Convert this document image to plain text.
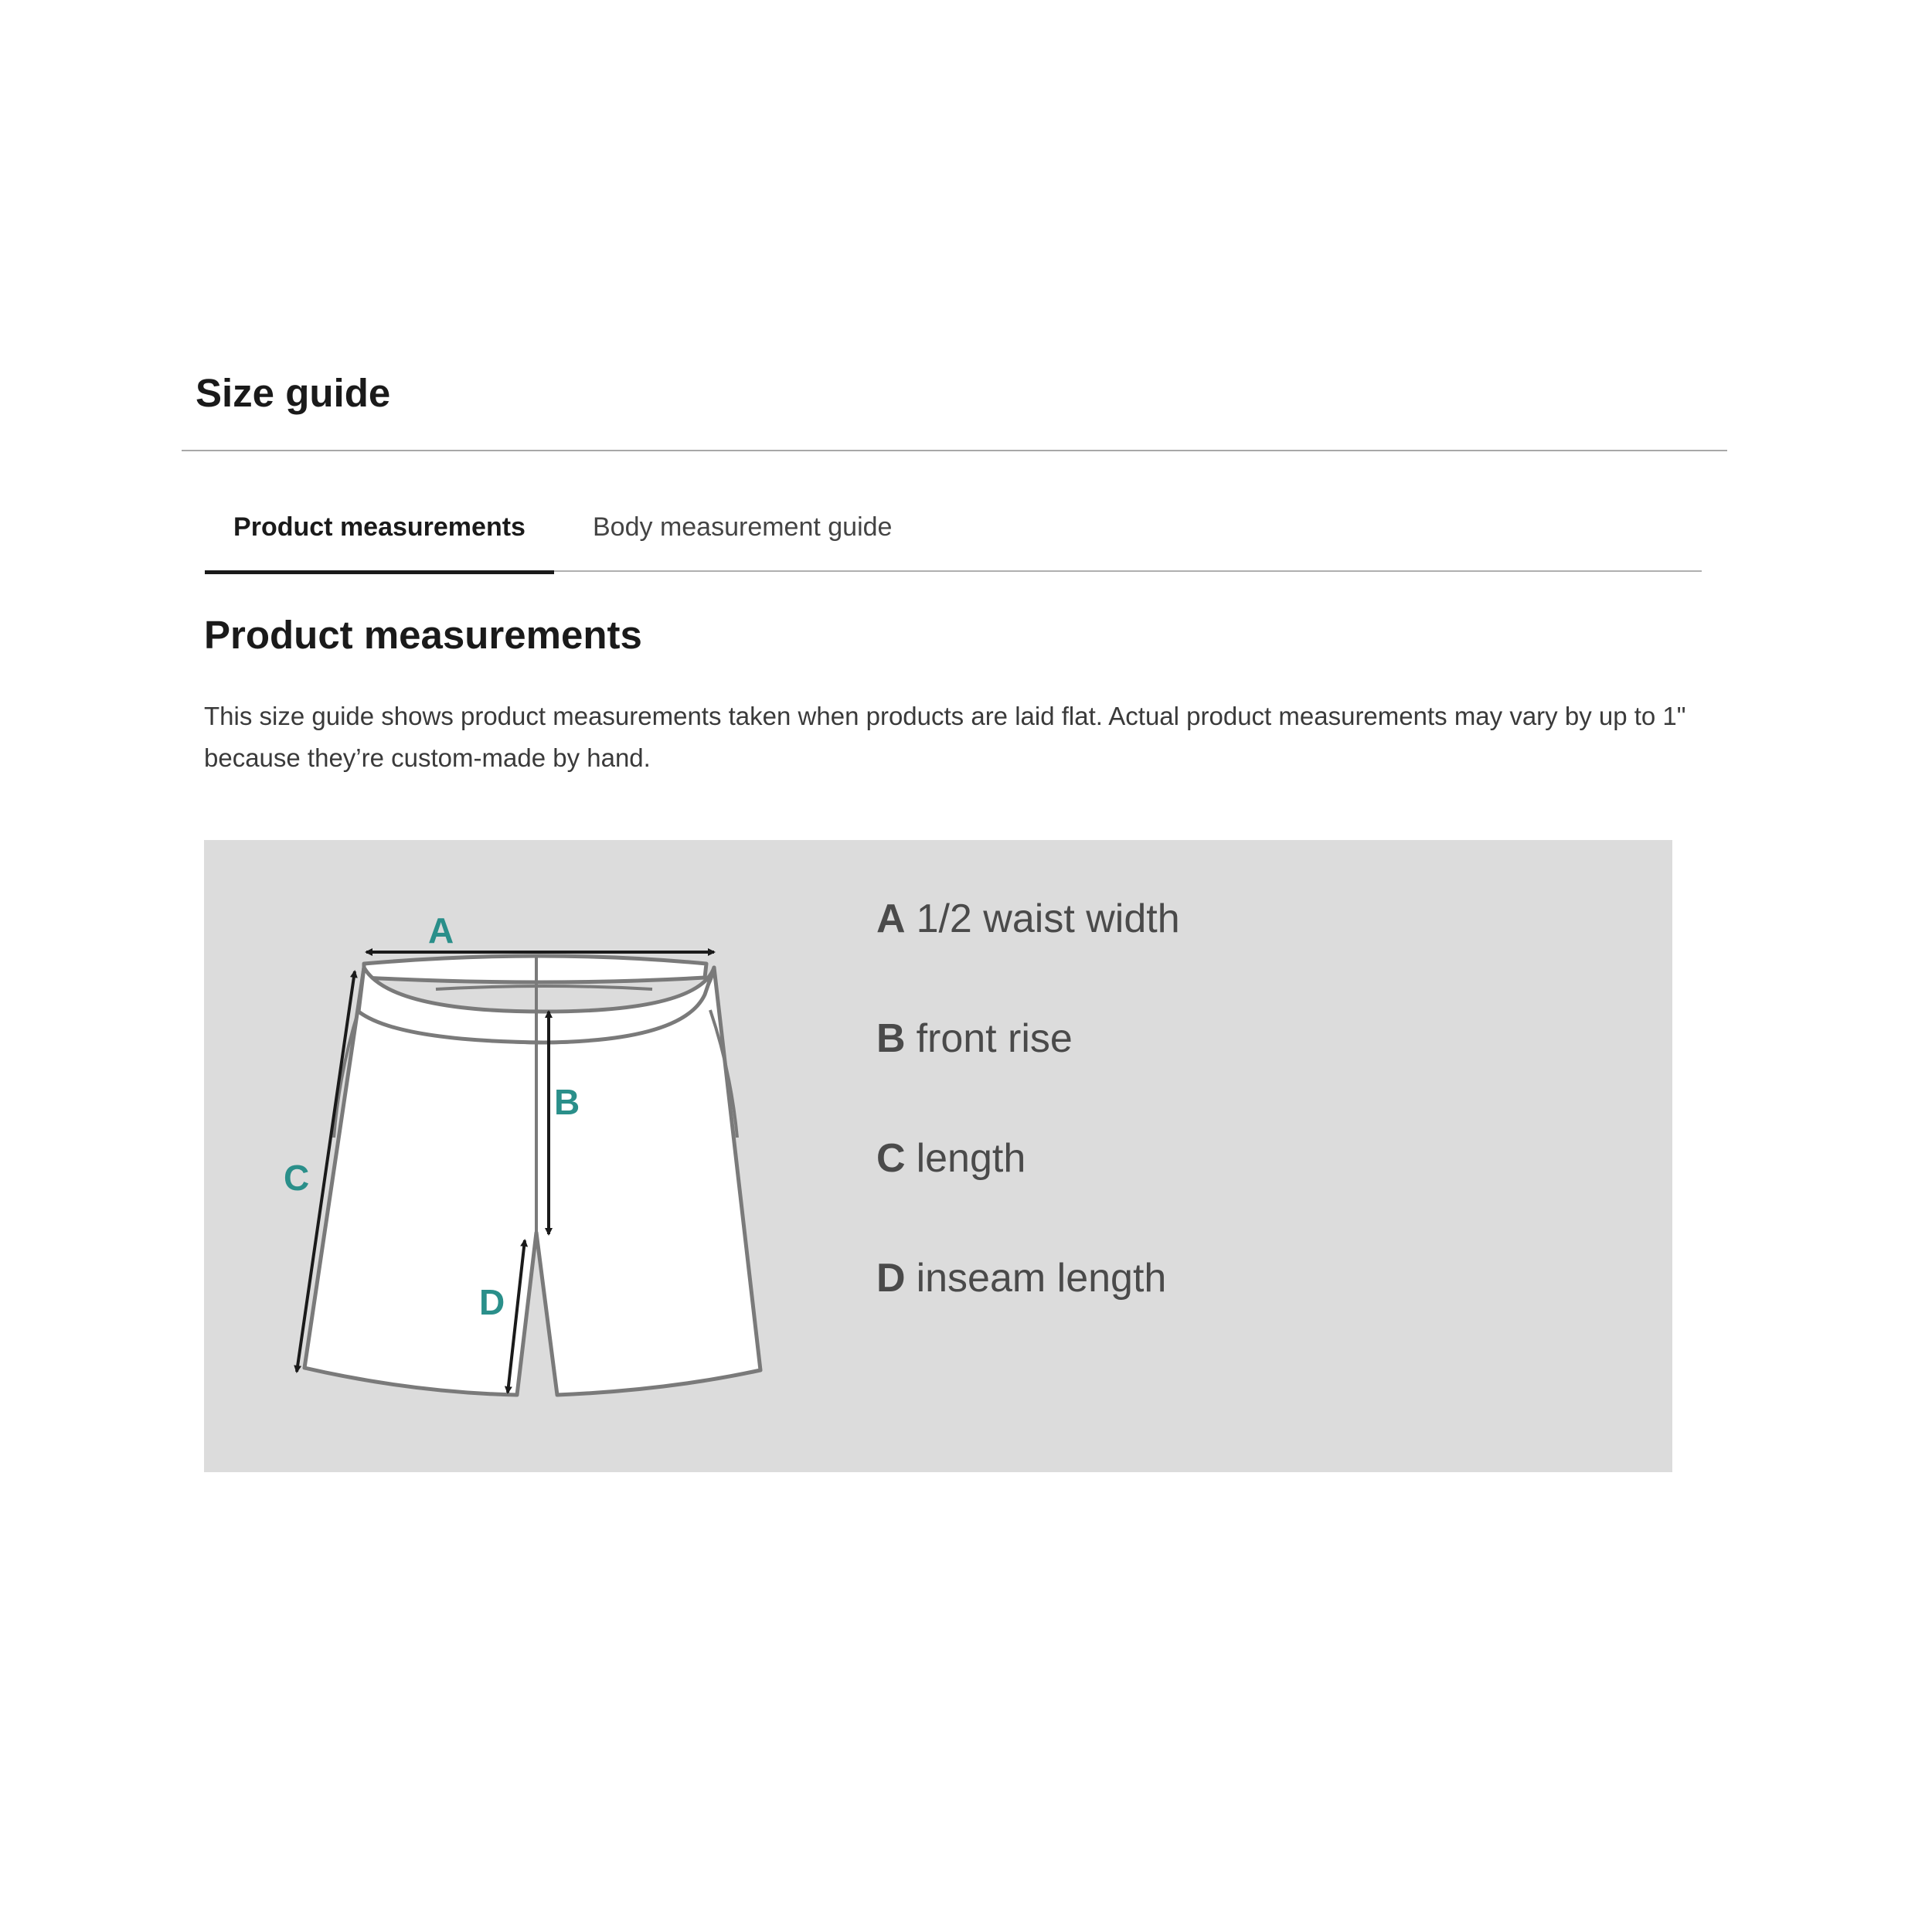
Size guide
Product measurements	Body measurement guide
Product measurements

This size guide shows product measurements taken when products are laid flat. Actual product measurements may vary by up to 1" because they’re custom-made by hand.

A
B
C
D
A 1/2 waist width
B front rise
C length
D inseam length
